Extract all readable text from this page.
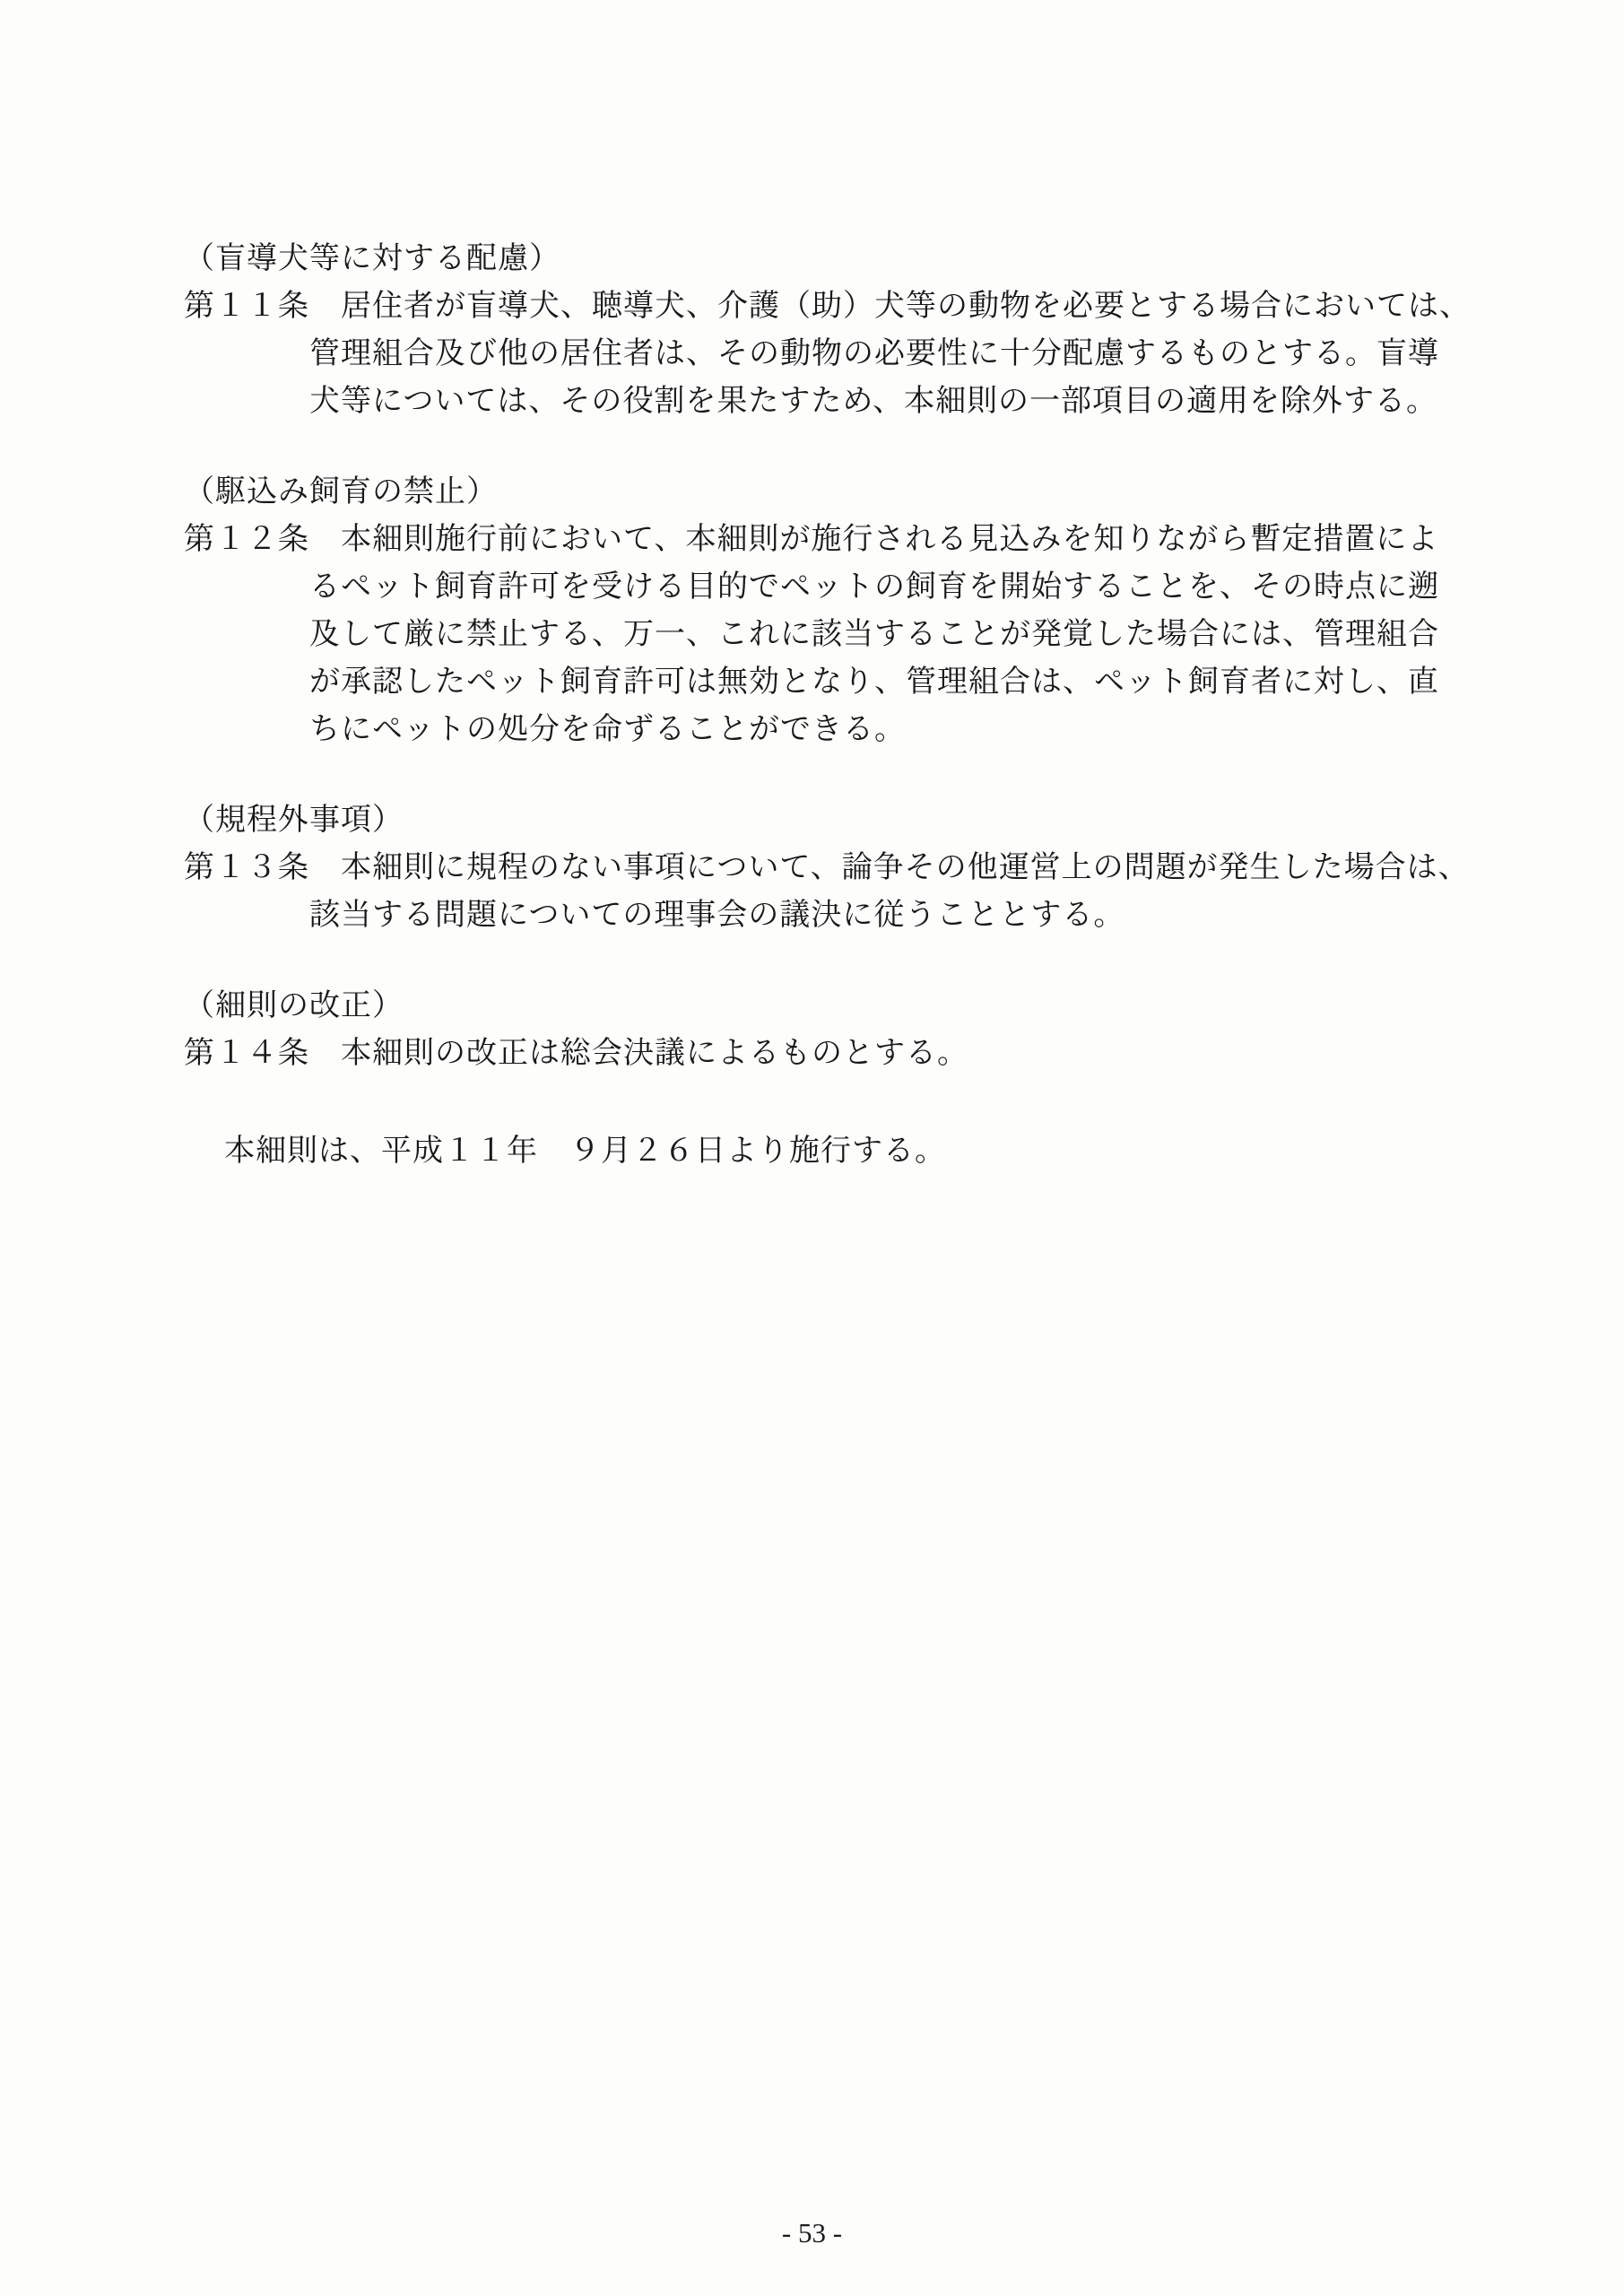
（盲導犬等に対する配慮）
第１１条　居住者が盲導犬、聴導犬、介護（助）犬等の動物を必要とする場合においては、
管理組合及び他の居住者は、その動物の必要性に十分配慮するものとする。盲導
犬等については、その役割を果たすため、本細則の一部項目の適用を除外する。
（駆込み飼育の禁止）
第１２条　本細則施行前において、本細則が施行される見込みを知りながら暫定措置によ
るペット飼育許可を受ける目的でペットの飼育を開始することを、その時点に遡
及して厳に禁止する、万一、これに該当することが発覚した場合には、管理組合
が承認したペット飼育許可は無効となり、管理組合は、ペット飼育者に対し、直
ちにペットの処分を命ずることができる。
（規程外事項）
第１３条　本細則に規程のない事項について、論争その他運営上の問題が発生した場合は、
該当する問題についての理事会の議決に従うこととする。
（細則の改正）
第１４条　本細則の改正は総会決議によるものとする。
本細則は、平成１１年　９月２６日より施行する。
- 53 -
